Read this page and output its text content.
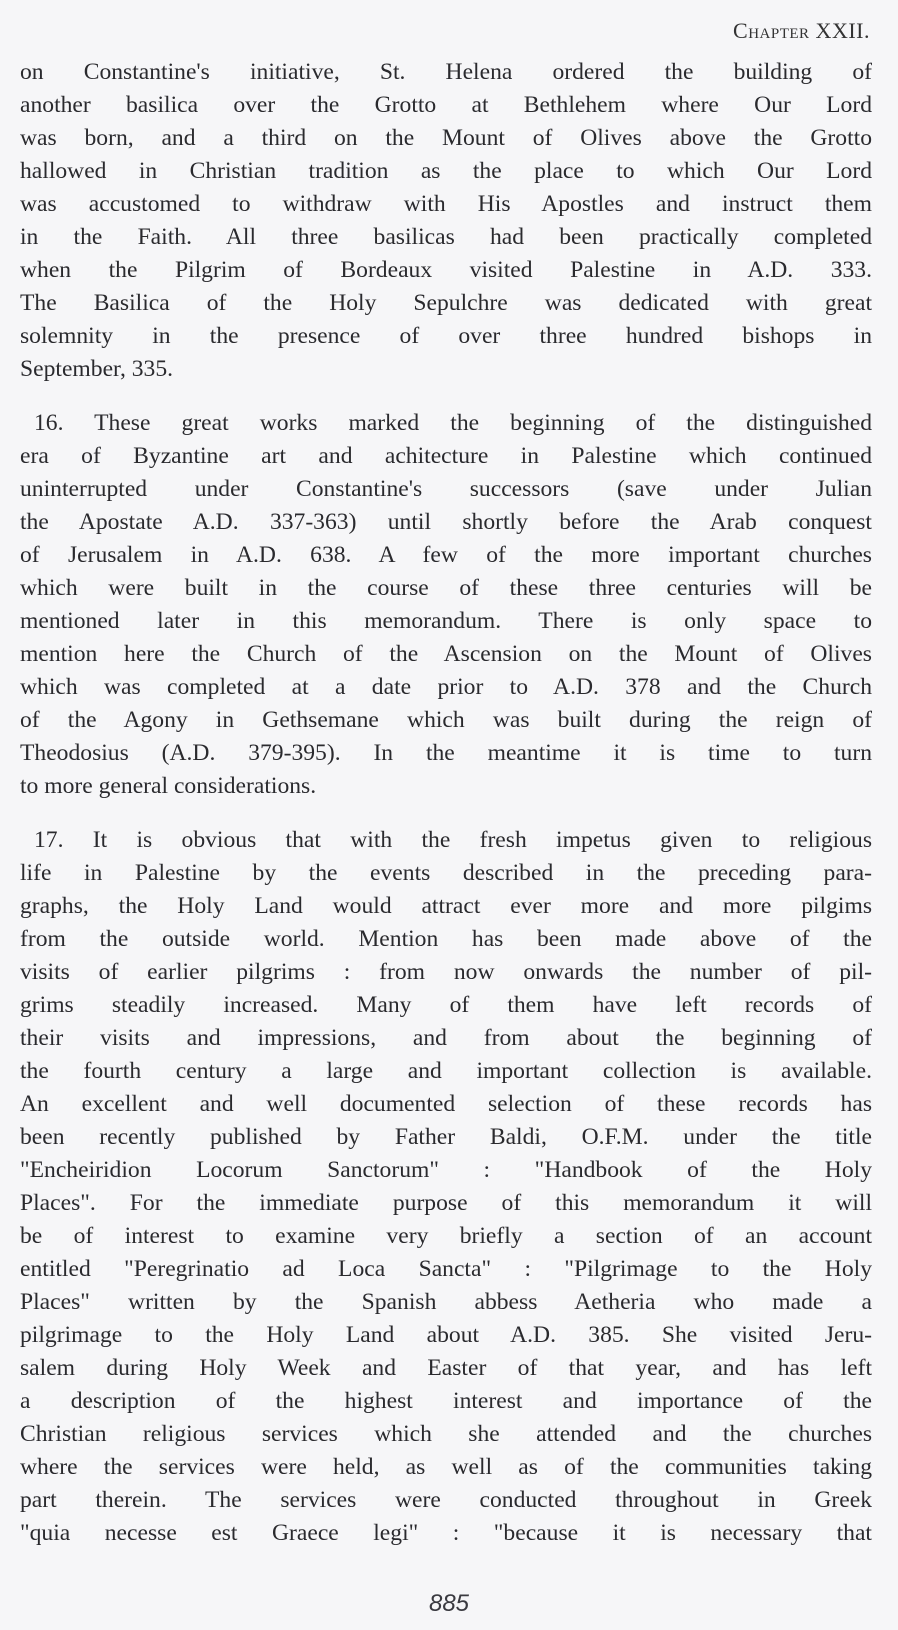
Chapter XXII.
on Constantine's initiative, St. Helena ordered the building of
another basilica over the Grotto at Bethlehem where Our Lord
was born, and a third on the Mount of Olives above the Grotto
hallowed in Christian tradition as the place to which Our Lord
was accustomed to withdraw with His Apostles and instruct them
in the Faith. All three basilicas had been practically completed
when the Pilgrim of Bordeaux visited Palestine in A.D. 333.
The Basilica of the Holy Sepulchre was dedicated with great
solemnity in the presence of over three hundred bishops in
September, 335.
16. These great works marked the beginning of the distinguished
era of Byzantine art and achitecture in Palestine which continued
uninterrupted under Constantine's successors (save under Julian
the Apostate A.D. 337-363) until shortly before the Arab conquest
of Jerusalem in A.D. 638. A few of the more important churches
which were built in the course of these three centuries will be
mentioned later in this memorandum. There is only space to
mention here the Church of the Ascension on the Mount of Olives
which was completed at a date prior to A.D. 378 and the Church
of the Agony in Gethsemane which was built during the reign of
Theodosius (A.D. 379-395). In the meantime it is time to turn
to more general considerations.
17. It is obvious that with the fresh impetus given to religious
life in Palestine by the events described in the preceding para-
graphs, the Holy Land would attract ever more and more pilgims
from the outside world. Mention has been made above of the
visits of earlier pilgrims : from now onwards the number of pil-
grims steadily increased. Many of them have left records of
their visits and impressions, and from about the beginning of
the fourth century a large and important collection is available.
An excellent and well documented selection of these records has
been recently published by Father Baldi, O.F.M. under the title
"Encheiridion Locorum Sanctorum" : "Handbook of the Holy
Places". For the immediate purpose of this memorandum it will
be of interest to examine very briefly a section of an account
entitled "Peregrinatio ad Loca Sancta" : "Pilgrimage to the Holy
Places" written by the Spanish abbess Aetheria who made a
pilgrimage to the Holy Land about A.D. 385. She visited Jeru-
salem during Holy Week and Easter of that year, and has left
a description of the highest interest and importance of the
Christian religious services which she attended and the churches
where the services were held, as well as of the communities taking
part therein. The services were conducted throughout in Greek
"quia necesse est Graece legi" : "because it is necessary that
885
